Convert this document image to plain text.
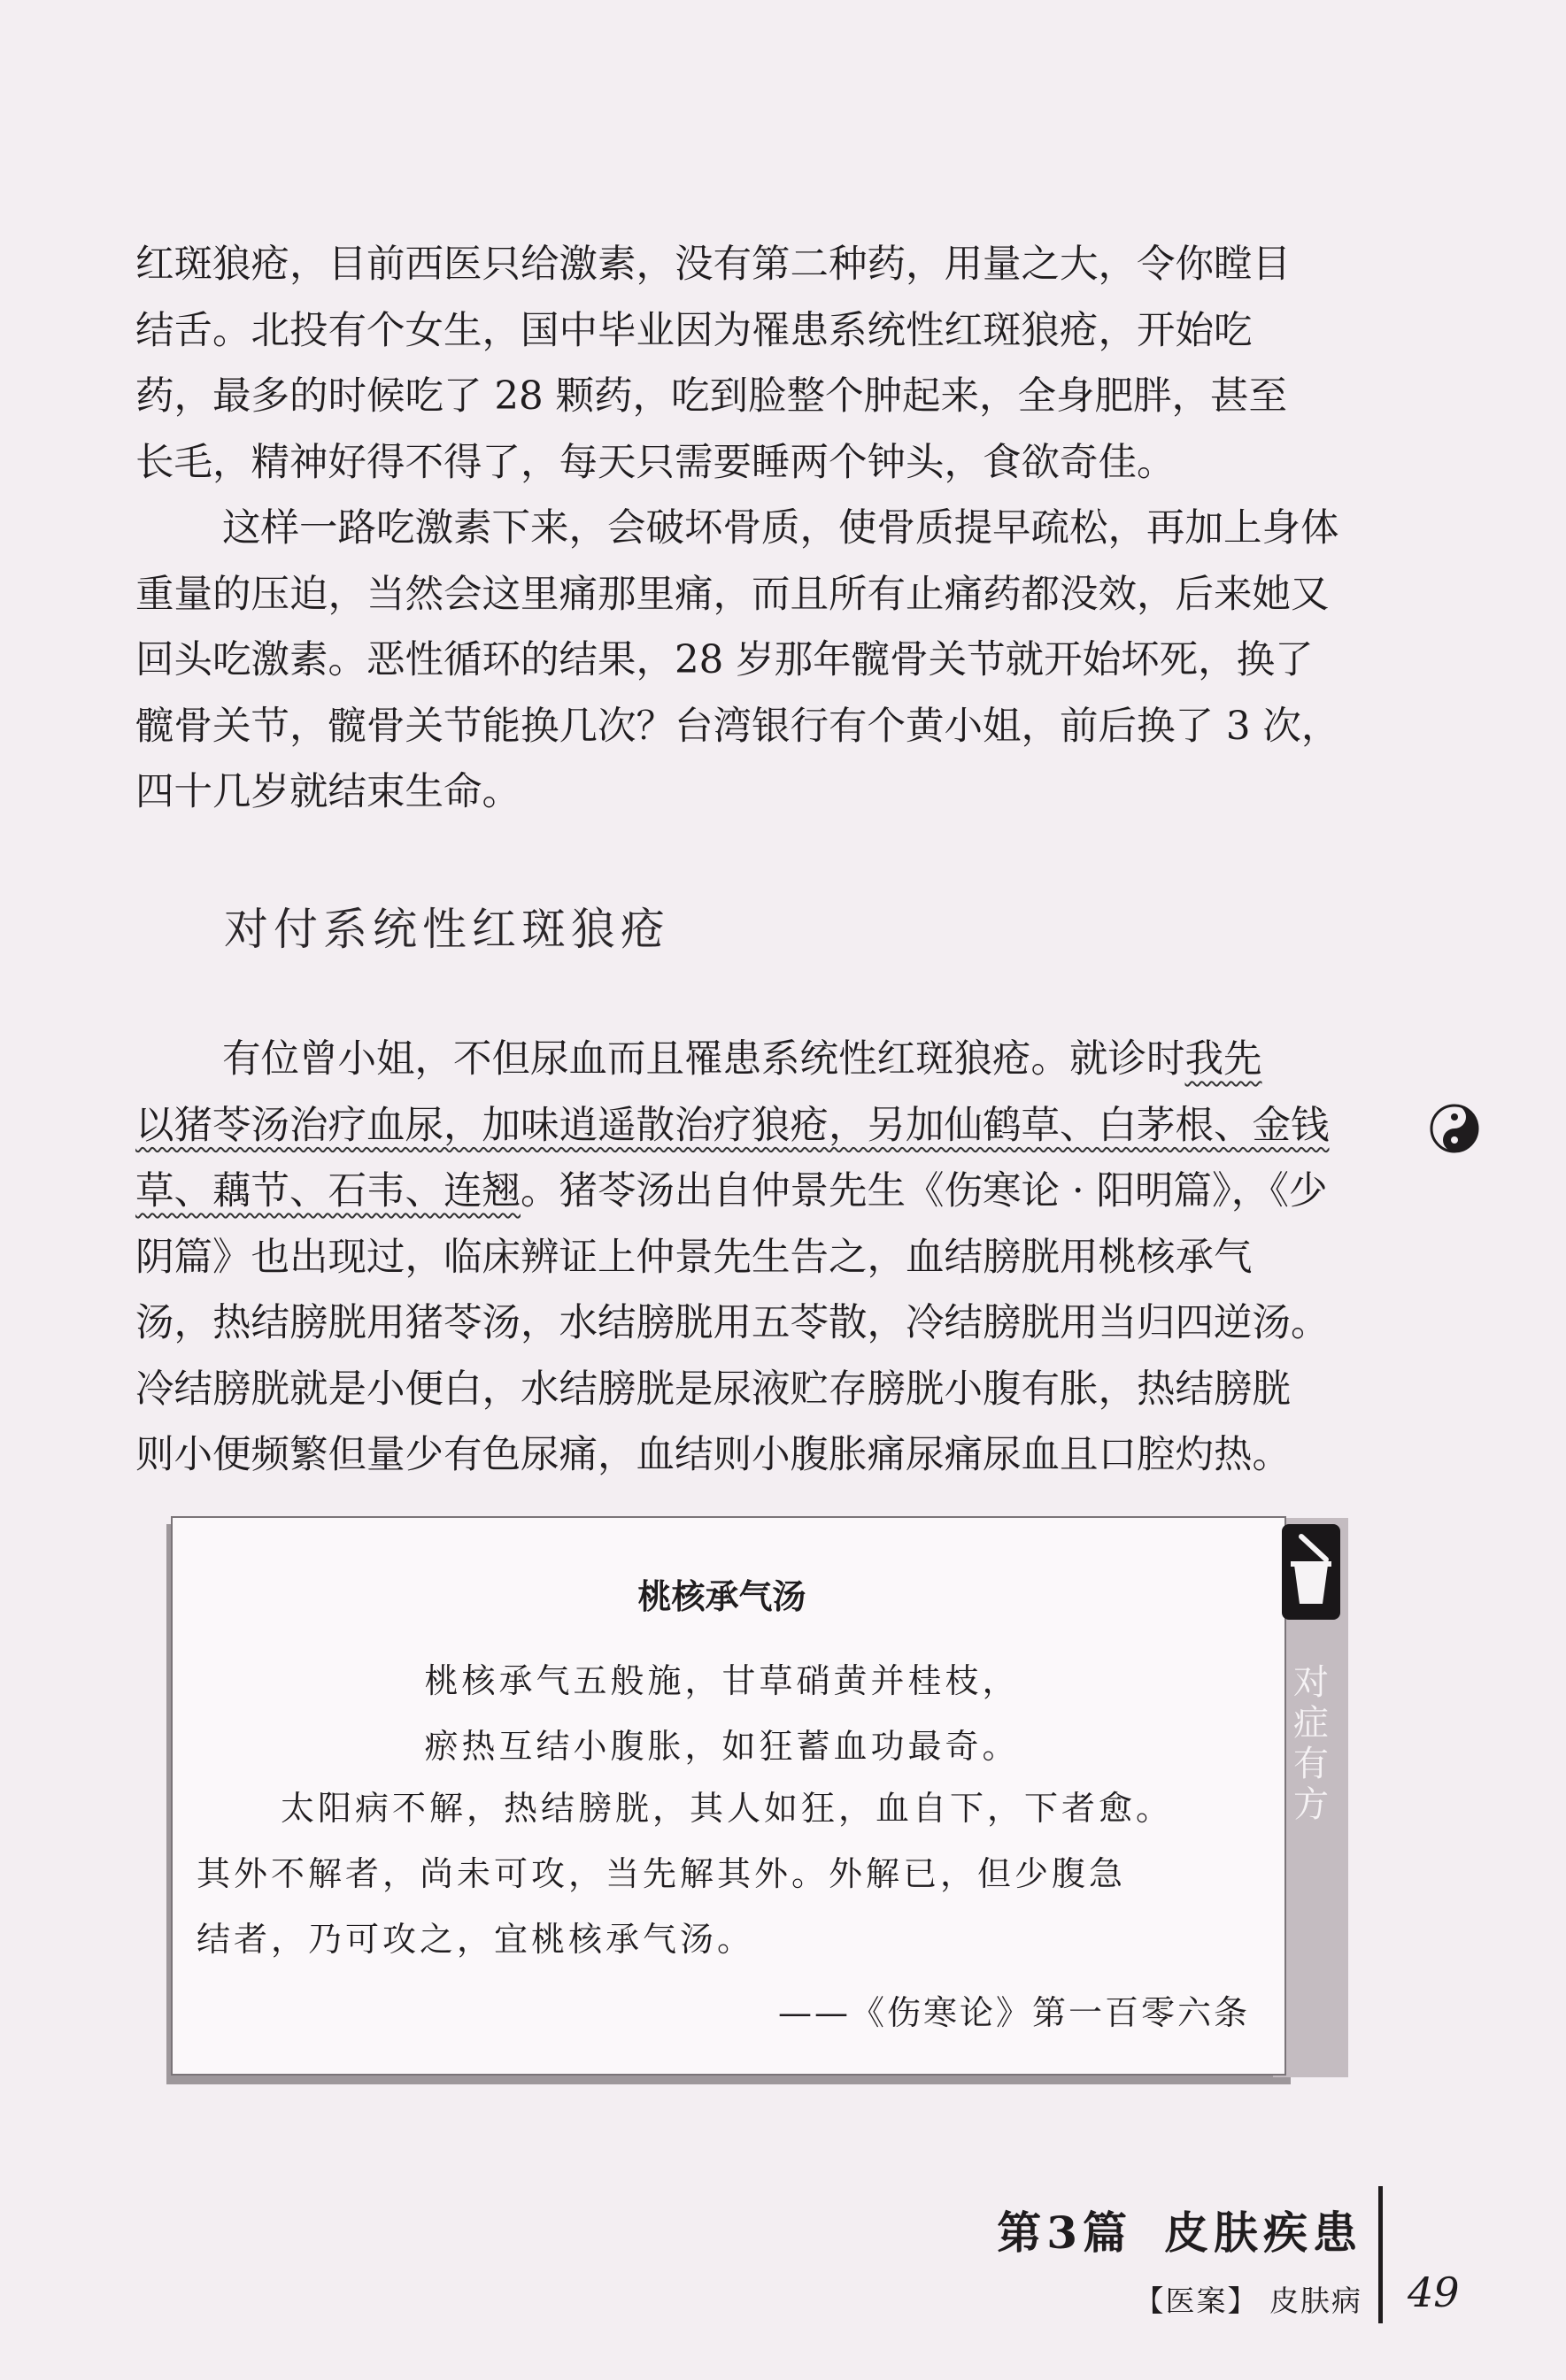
红斑狼疮，目前西医只给激素，没有第二种药，用量之大，令你瞠目
结舌。北投有个女生，国中毕业因为罹患系统性红斑狼疮，开始吃
药，最多的时候吃了 28 颗药，吃到脸整个肿起来，全身肥胖，甚至
长毛，精神好得不得了，每天只需要睡两个钟头，食欲奇佳。
这样一路吃激素下来，会破坏骨质，使骨质提早疏松，再加上身体
重量的压迫，当然会这里痛那里痛，而且所有止痛药都没效，后来她又
回头吃激素。恶性循环的结果，28 岁那年髋骨关节就开始坏死，换了
髋骨关节，髋骨关节能换几次？台湾银行有个黄小姐，前后换了 3 次，
四十几岁就结束生命。
对付系统性红斑狼疮
有位曾小姐，不但尿血而且罹患系统性红斑狼疮。就诊时我先
以猪苓汤治疗血尿，加味逍遥散治疗狼疮，另加仙鹤草、白茅根、金钱
草、藕节、石韦、连翘。猪苓汤出自仲景先生《伤寒论 · 阳明篇》，《少
阴篇》也出现过，临床辨证上仲景先生告之，血结膀胱用桃核承气
汤，热结膀胱用猪苓汤，水结膀胱用五苓散，冷结膀胱用当归四逆汤。
冷结膀胱就是小便白，水结膀胱是尿液贮存膀胱小腹有胀，热结膀胱
则小便频繁但量少有色尿痛，血结则小腹胀痛尿痛尿血且口腔灼热。
对症有方
桃核承气汤

桃核承气五般施，甘草硝黄并桂枝，

瘀热互结小腹胀，如狂蓄血功最奇。

太阳病不解，热结膀胱，其人如狂，血自下，下者愈。
其外不解者，尚未可攻，当先解其外。外解已，但少腹急
结者，乃可攻之，宜桃核承气汤。

——《伤寒论》第一百零六条

第3篇 皮肤疾患

【医案】 皮肤病 49
